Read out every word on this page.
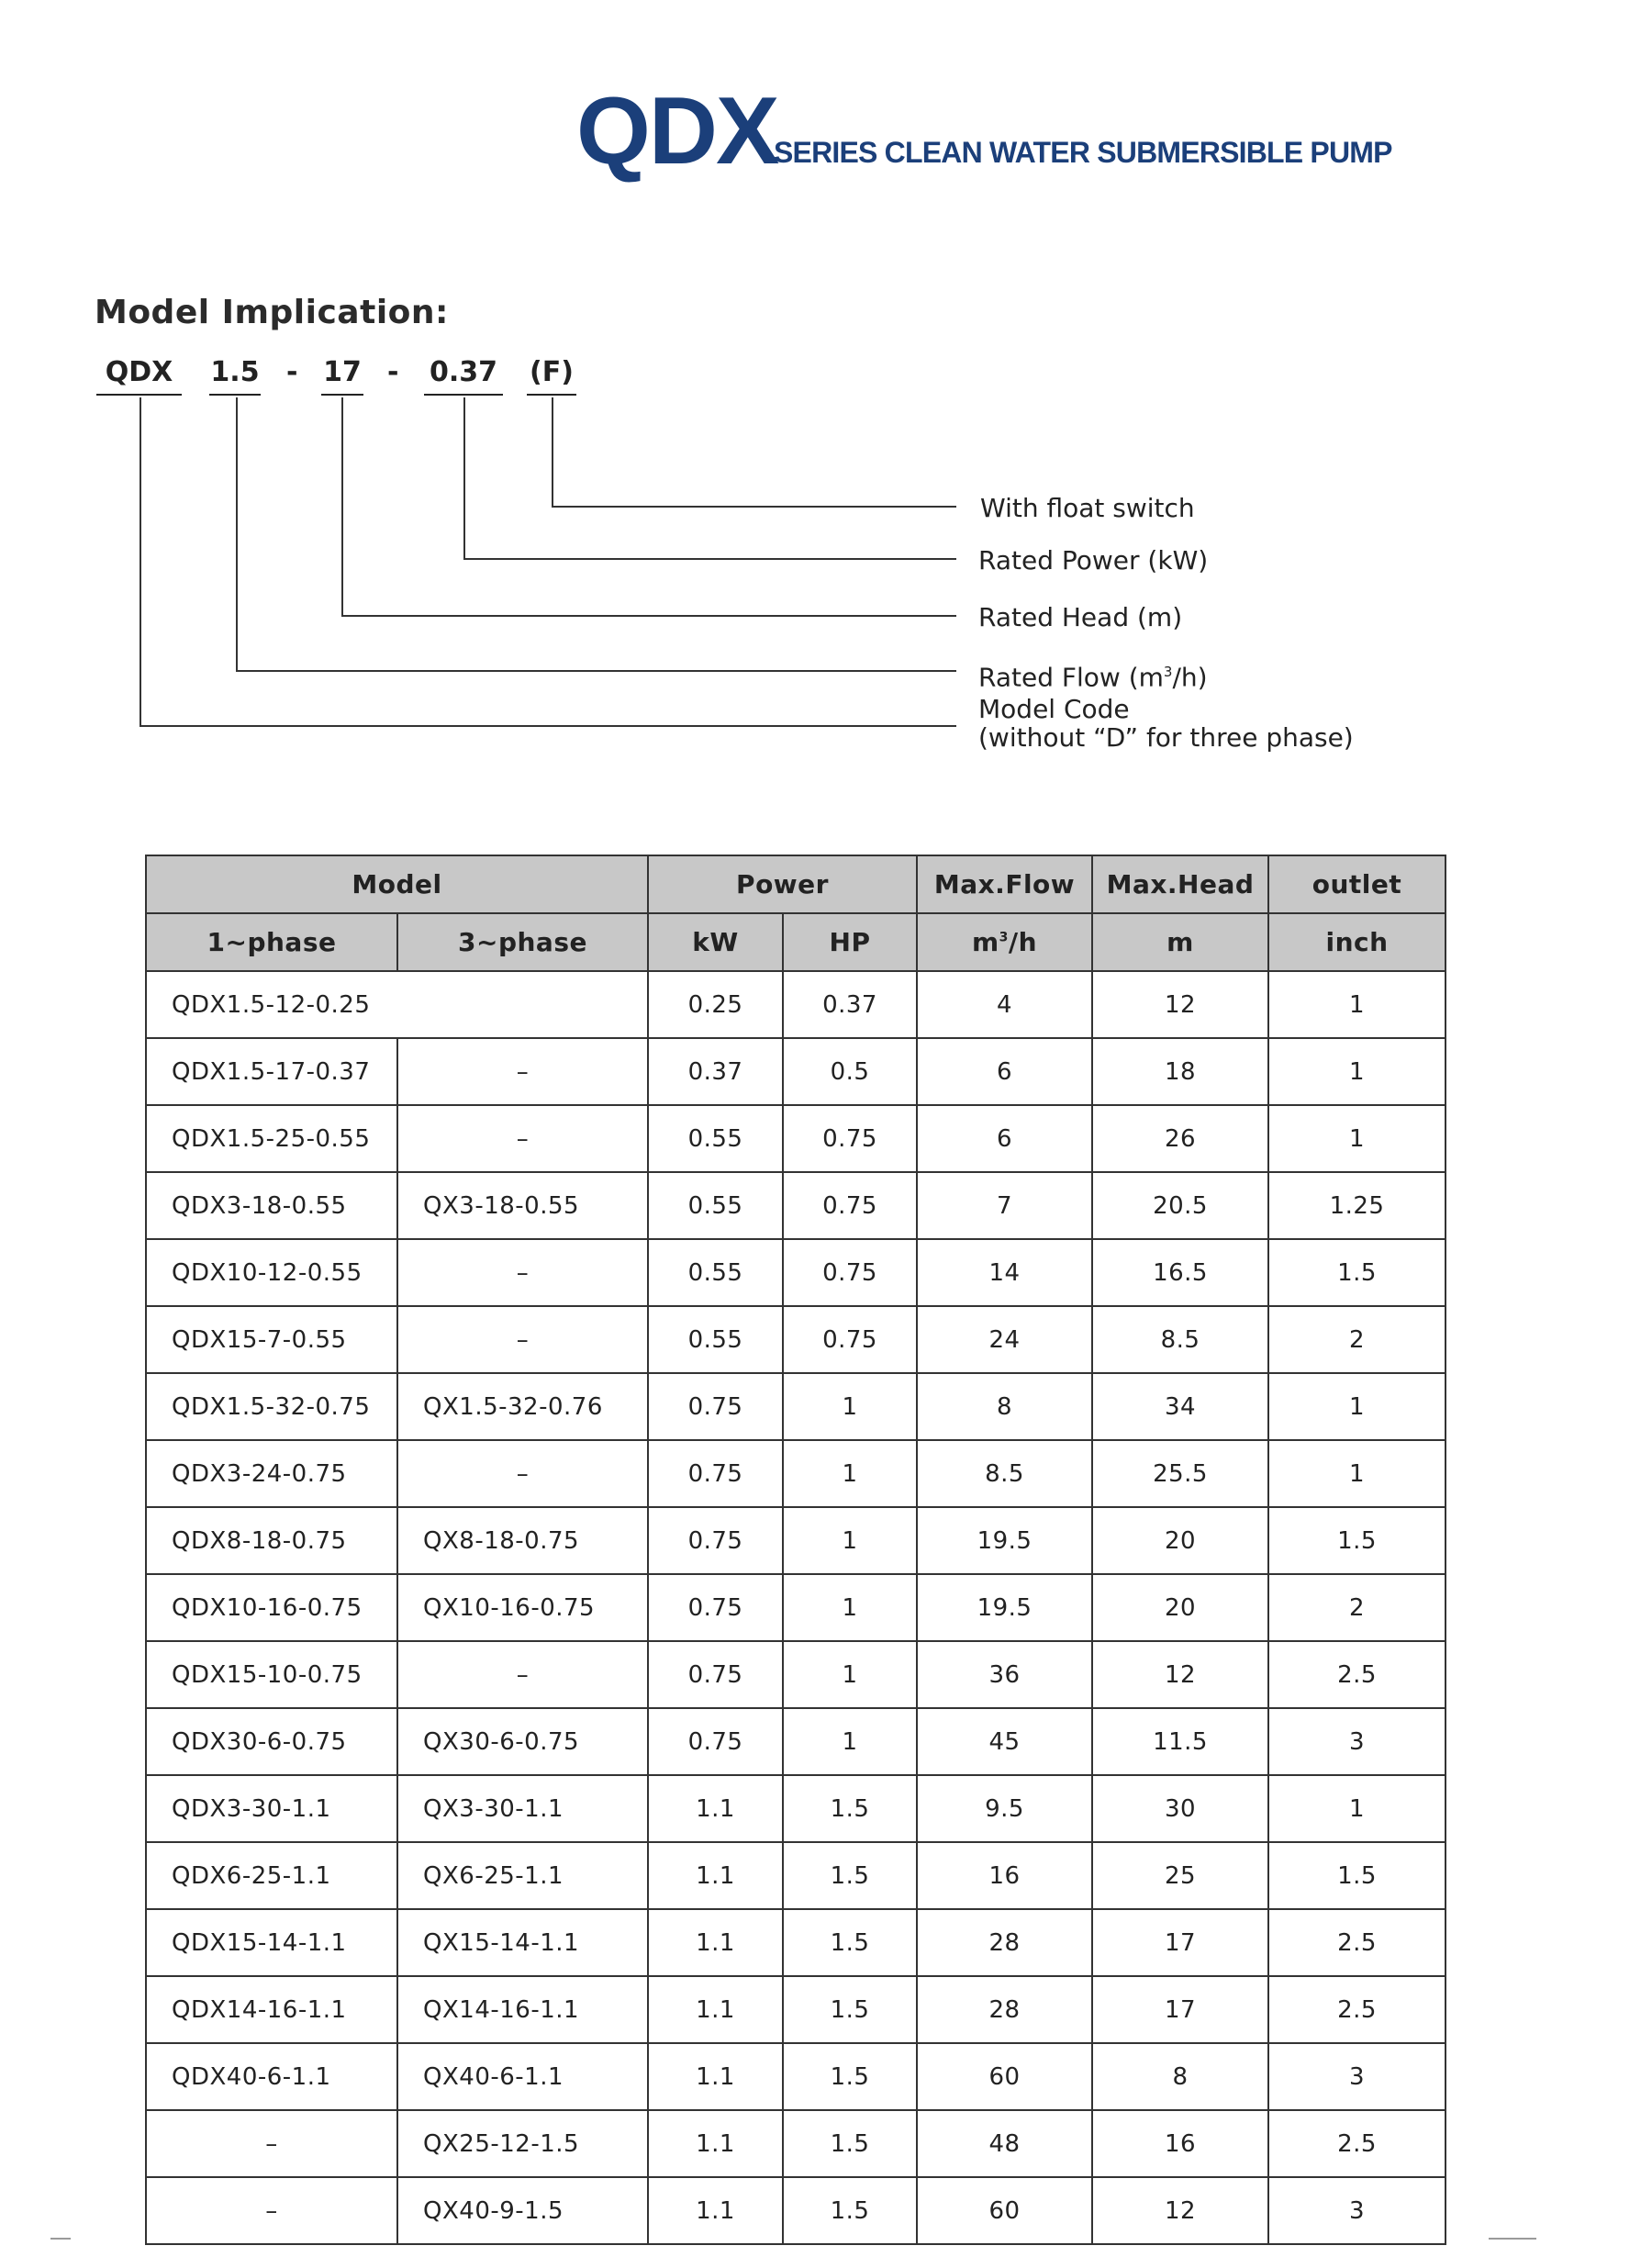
QDX
SERIES CLEAN WATER SUBMERSIBLE PUMP
Model Implication:
QDX	1.5 - 17 - 0.37 (F)
With float switch
Rated Power (kW)
Rated Head (m)
Rated Flow $(m^3/h)$
Model Code
(without “D” for three phase)
Model		Power		Max.Flow	Max.Head	outlet
1~phase	3~phase	kW	HP	$m^3/h$	m	inch
QDX1.5-12-0.25		0.25	0.37	4	12	1
QDX1.5-17-0.37	–	0.37	0.5	6	18	1
QDX1.5-25-0.55	–	0.55	0.75	6	26	1
QDX3-18-0.55	QX3-18-0.55	0.55	0.75	7	20.5	1.25
QDX10-12-0.55	–	0.55	0.75	14	16.5	1.5
QDX15-7-0.55	–	0.55	0.75	24	8.5	2
QDX1.5-32-0.75	QX1.5-32-0.76	0.75	1	8	34	1
QDX3-24-0.75	–	0.75	1	8.5	25.5	1
QDX8-18-0.75	QX8-18-0.75	0.75	1	19.5	20	1.5
QDX10-16-0.75	QX10-16-0.75	0.75	1	19.5	20	2
QDX15-10-0.75	–	0.75	1	36	12	2.5
QDX30-6-0.75	QX30-6-0.75	0.75	1	45	11.5	3
QDX3-30-1.1	QX3-30-1.1	1.1	1.5	9.5	30	1
QDX6-25-1.1	QX6-25-1.1	1.1	1.5	16	25	1.5
QDX15-14-1.1	QX15-14-1.1	1.1	1.5	28	17	2.5
QDX14-16-1.1	QX14-16-1.1	1.1	1.5	28	17	2.5
QDX40-6-1.1	QX40-6-1.1	1.1	1.5	60	8	3
–	QX25-12-1.5	1.1	1.5	48	16	2.5
–	QX40-9-1.5	1.1	1.5	60	12	3
